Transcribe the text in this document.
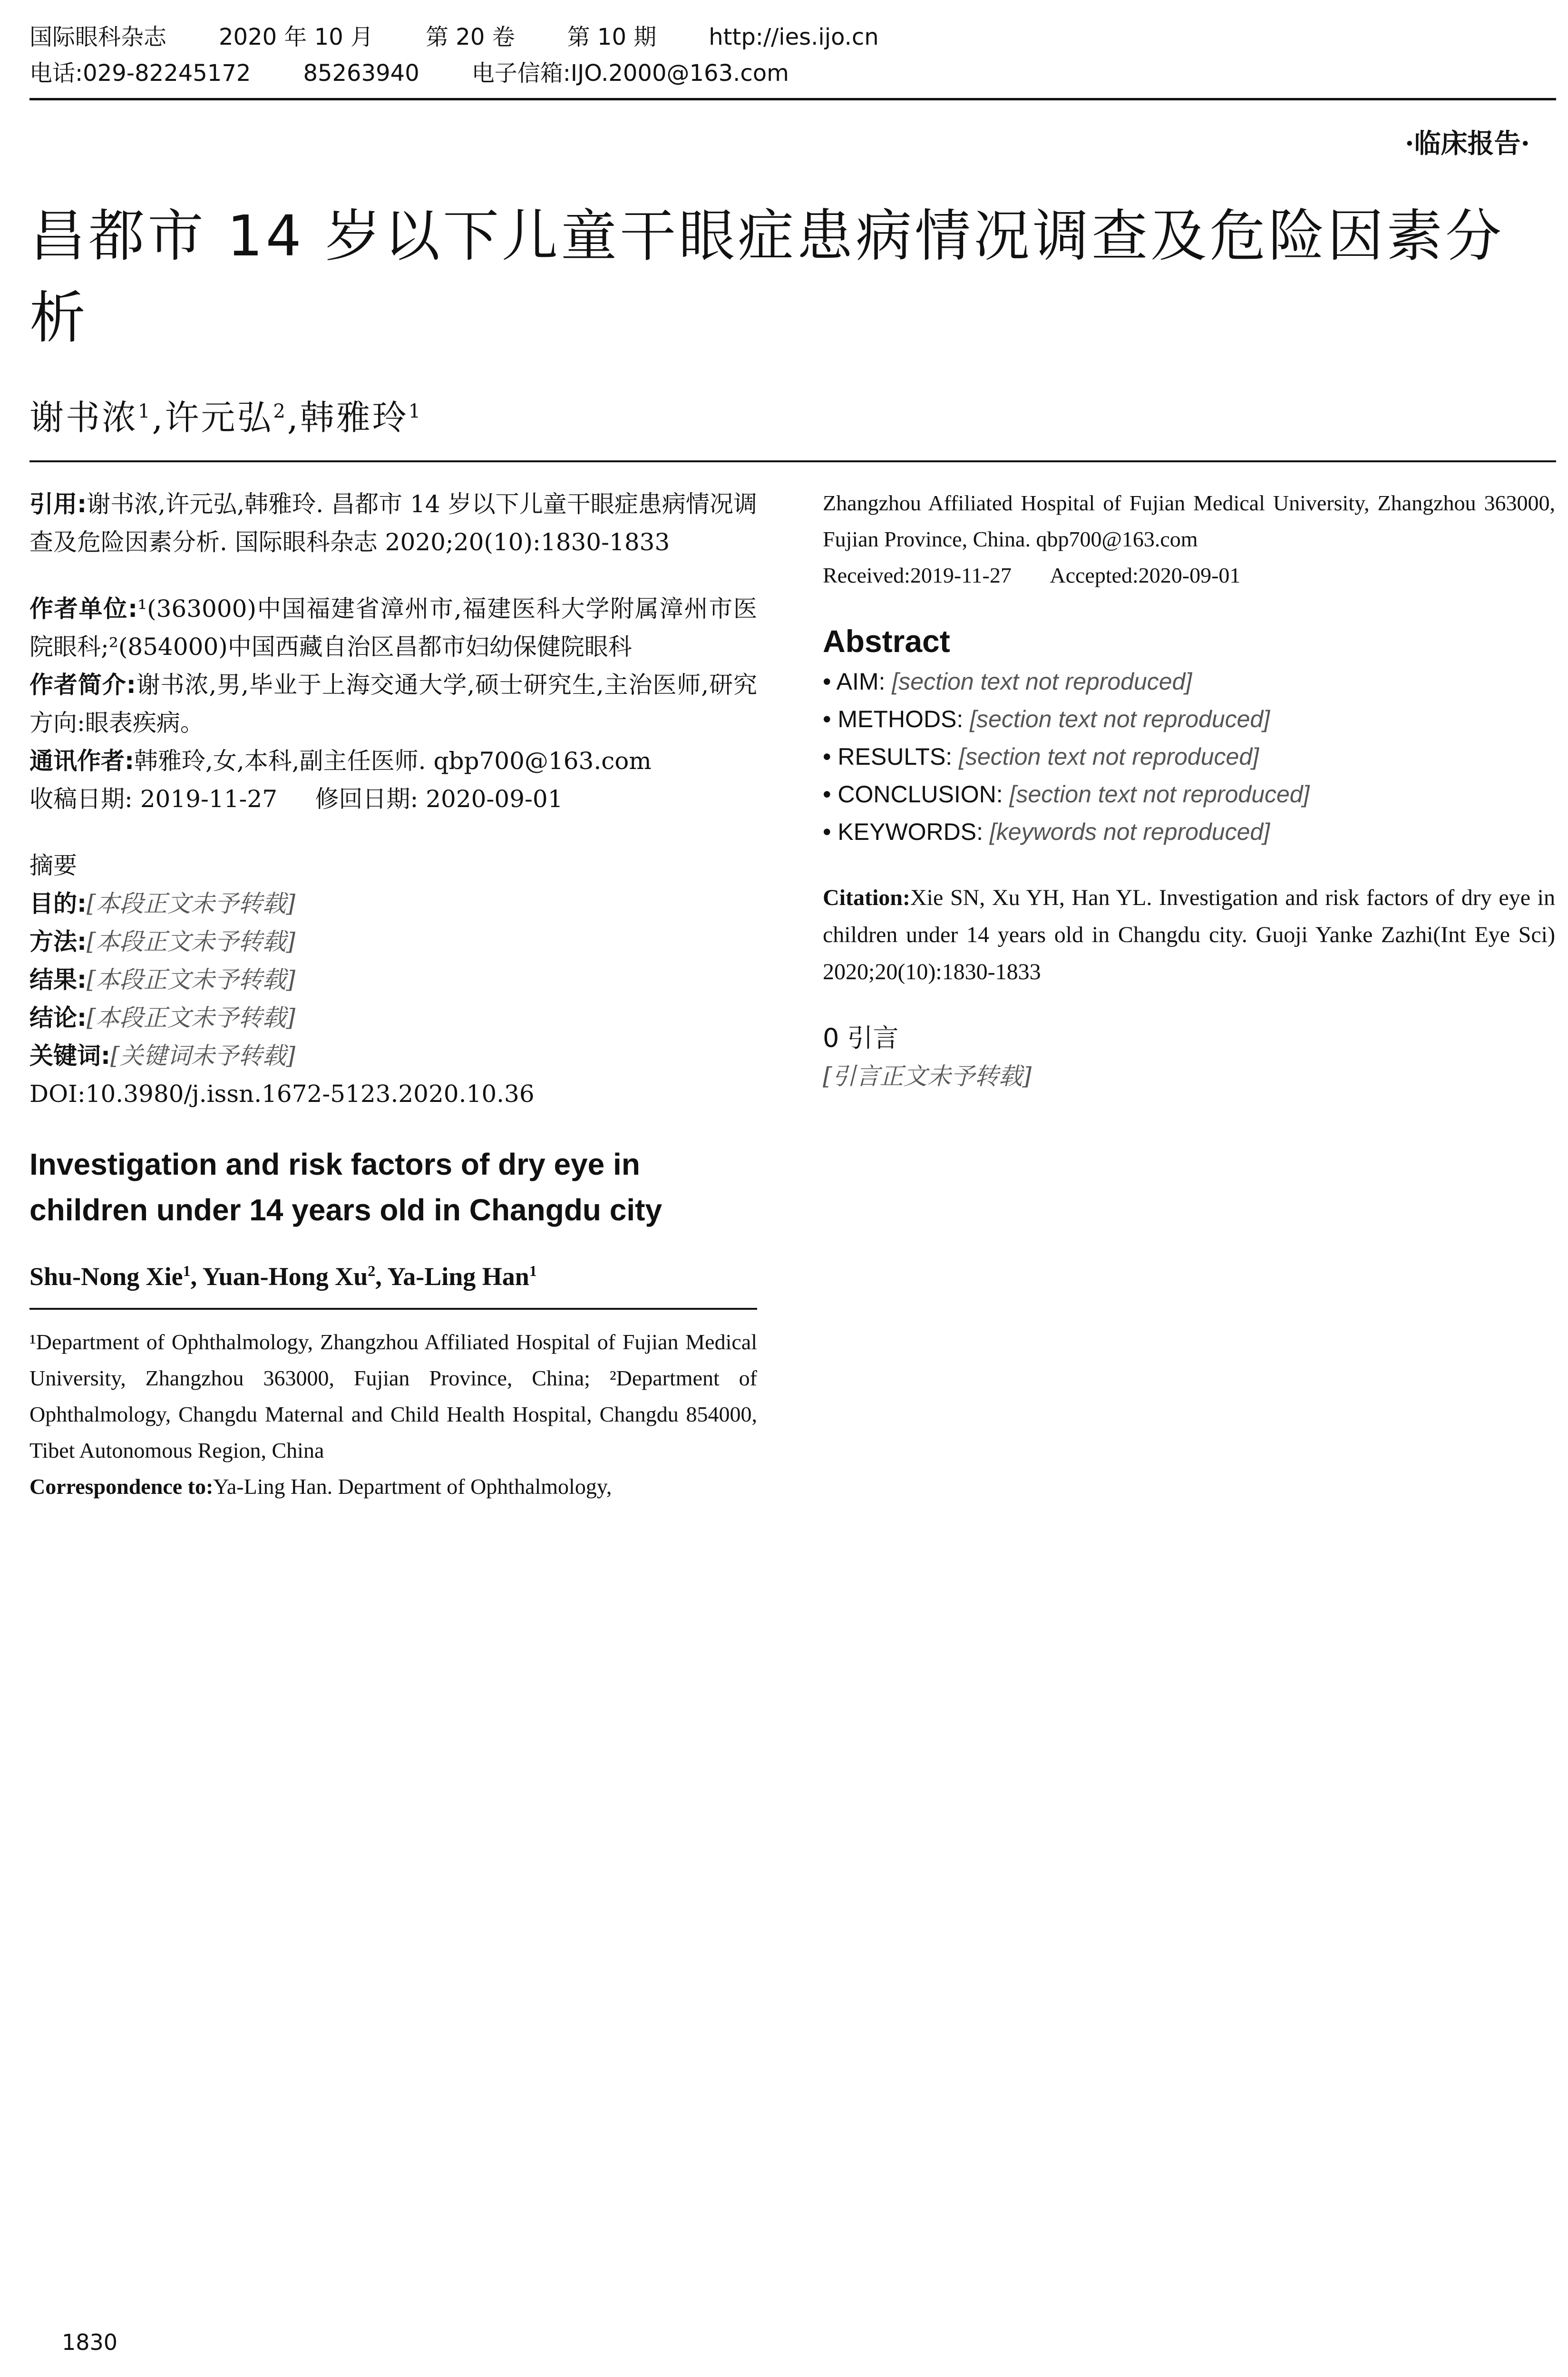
国际眼科杂志 2020 年 10 月 第 20 卷 第 10 期 http://ies.ijo.cn
电话:029-82245172 85263940 电子信箱:IJO.2000@163.com
·临床报告·
昌都市 14 岁以下儿童干眼症患病情况调查及危险因素分析
谢书浓$^1$,许元弘$^2$,韩雅玲$^1$

引用:谢书浓,许元弘,韩雅玲. 昌都市 14 岁以下儿童干眼症患病情况调查及危险因素分析. 国际眼科杂志 2020;20(10):1830-1833

作者单位:¹(363000)中国福建省漳州市,福建医科大学附属漳州市医院眼科;²(854000)中国西藏自治区昌都市妇幼保健院眼科

作者简介:谢书浓,男,毕业于上海交通大学,硕士研究生,主治医师,研究方向:眼表疾病。

通讯作者:韩雅玲,女,本科,副主任医师. qbp700@163.com

收稿日期: 2019-11-27 修回日期: 2020-09-01

摘要

目的:[本段正文未予转载]

方法:[本段正文未予转载]

结果:[本段正文未予转载]

结论:[本段正文未予转载]

关键词:[关键词未予转载]

DOI:10.3980/j.issn.1672-5123.2020.10.36

Investigation and risk factors of dry eye in children under 14 years old in Changdu city

Shu-Nong Xie$^1$, Yuan-Hong Xu$^2$, Ya-Ling Han$^1$

¹Department of Ophthalmology, Zhangzhou Affiliated Hospital of Fujian Medical University, Zhangzhou 363000, Fujian Province, China; ²Department of Ophthalmology, Changdu Maternal and Child Health Hospital, Changdu 854000, Tibet Autonomous Region, China

Correspondence to:Ya-Ling Han. Department of Ophthalmology,

Zhangzhou Affiliated Hospital of Fujian Medical University, Zhangzhou 363000, Fujian Province, China. qbp700@163.com

Received:2019-11-27 Accepted:2020-09-01

Abstract

• AIM: [section text not reproduced]

• METHODS: [section text not reproduced]

• RESULTS: [section text not reproduced]

• CONCLUSION: [section text not reproduced]

• KEYWORDS: [keywords not reproduced]

Citation:Xie SN, Xu YH, Han YL. Investigation and risk factors of dry eye in children under 14 years old in Changdu city. Guoji Yanke Zazhi(Int Eye Sci) 2020;20(10):1830-1833

0 引言

[引言正文未予转载]

1830
